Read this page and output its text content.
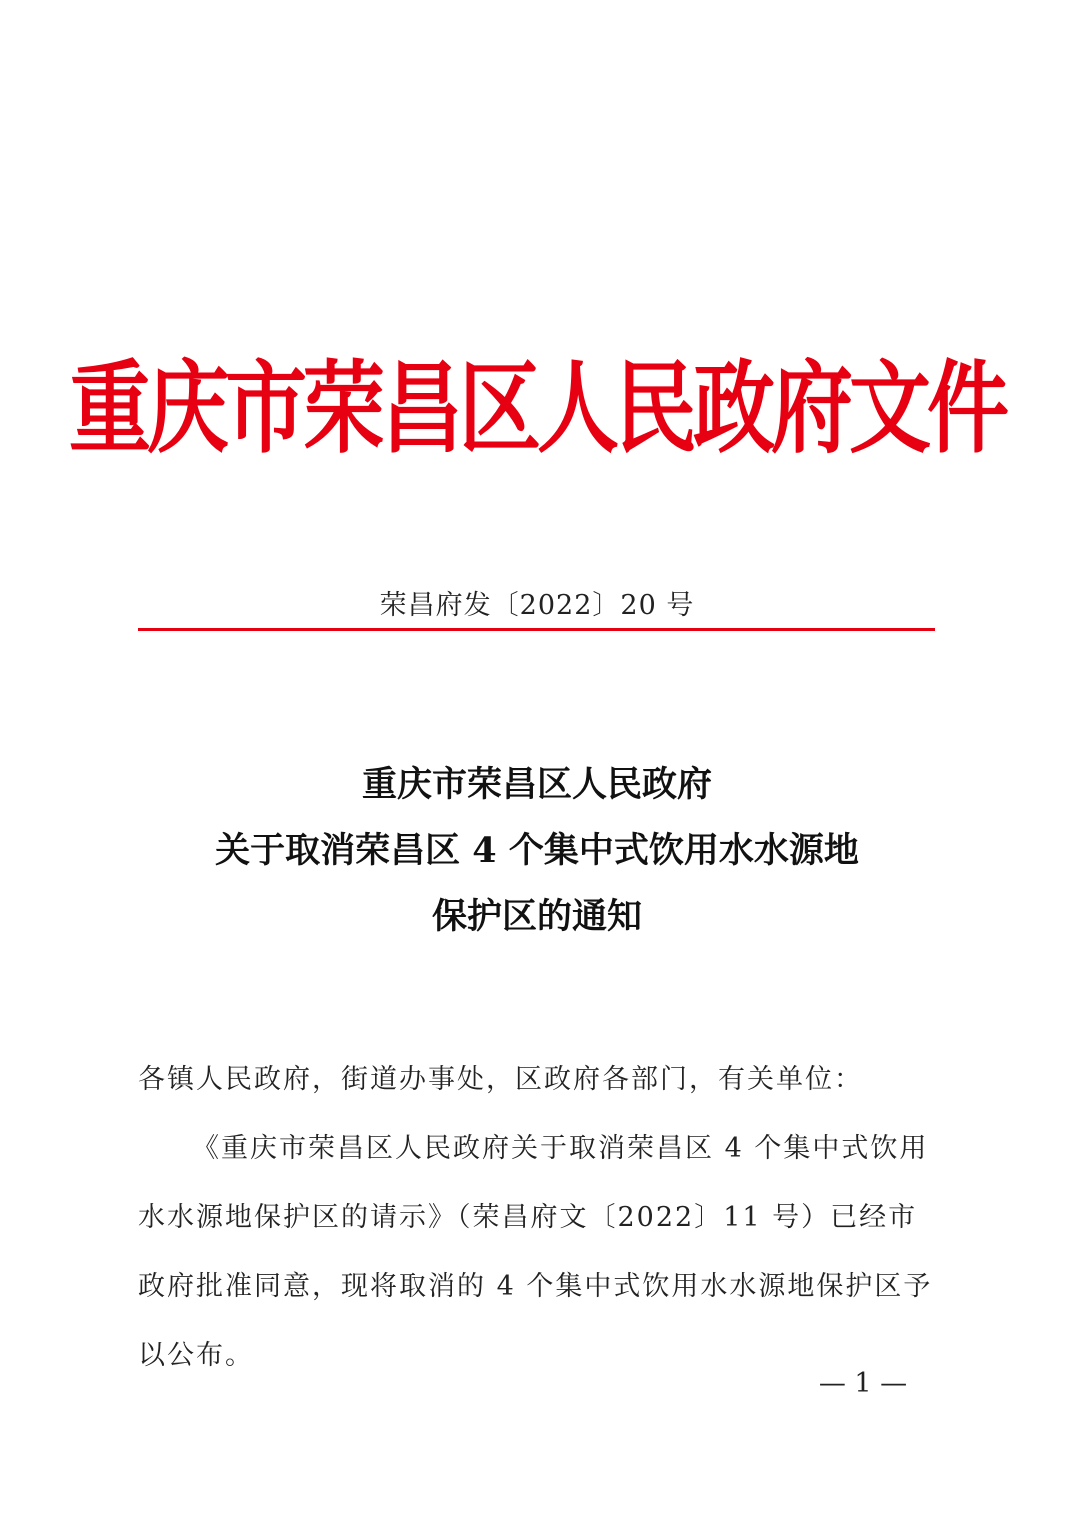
重庆市荣昌区人民政府文件
荣昌府发〔2022〕20 号
重庆市荣昌区人民政府
关于取消荣昌区 4 个集中式饮用水水源地
保护区的通知

各镇人民政府，街道办事处，区政府各部门，有关单位：

《重庆市荣昌区人民政府关于取消荣昌区 4 个集中式饮用水水源地保护区的请示》（荣昌府文〔2022〕11 号）已经市政府批准同意，现将取消的 4 个集中式饮用水水源地保护区予以公布。

— 1 —
